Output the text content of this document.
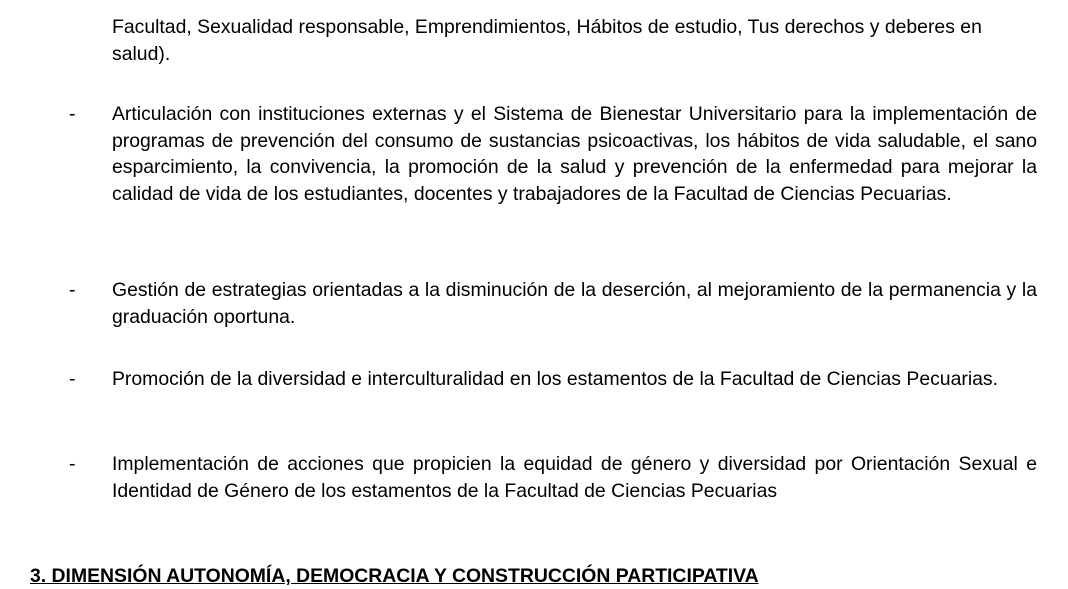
Facultad, Sexualidad responsable, Emprendimientos, Hábitos de estudio, Tus derechos y deberes en salud).
- Articulación con instituciones externas y el Sistema de Bienestar Universitario para la implementación de programas de prevención del consumo de sustancias psicoactivas, los hábitos de vida saludable, el sano esparcimiento, la convivencia, la promoción de la salud y prevención de la enfermedad para mejorar la calidad de vida de los estudiantes, docentes y trabajadores de la Facultad de Ciencias Pecuarias.
- Gestión de estrategias orientadas a la disminución de la deserción, al mejoramiento de la permanencia y la graduación oportuna.
- Promoción de la diversidad e interculturalidad en los estamentos de la Facultad de Ciencias Pecuarias.
- Implementación de acciones que propicien la equidad de género y diversidad por Orientación Sexual e Identidad de Género de los estamentos de la Facultad de Ciencias Pecuarias
3. DIMENSIÓN AUTONOMÍA, DEMOCRACIA Y CONSTRUCCIÓN PARTICIPATIVA
